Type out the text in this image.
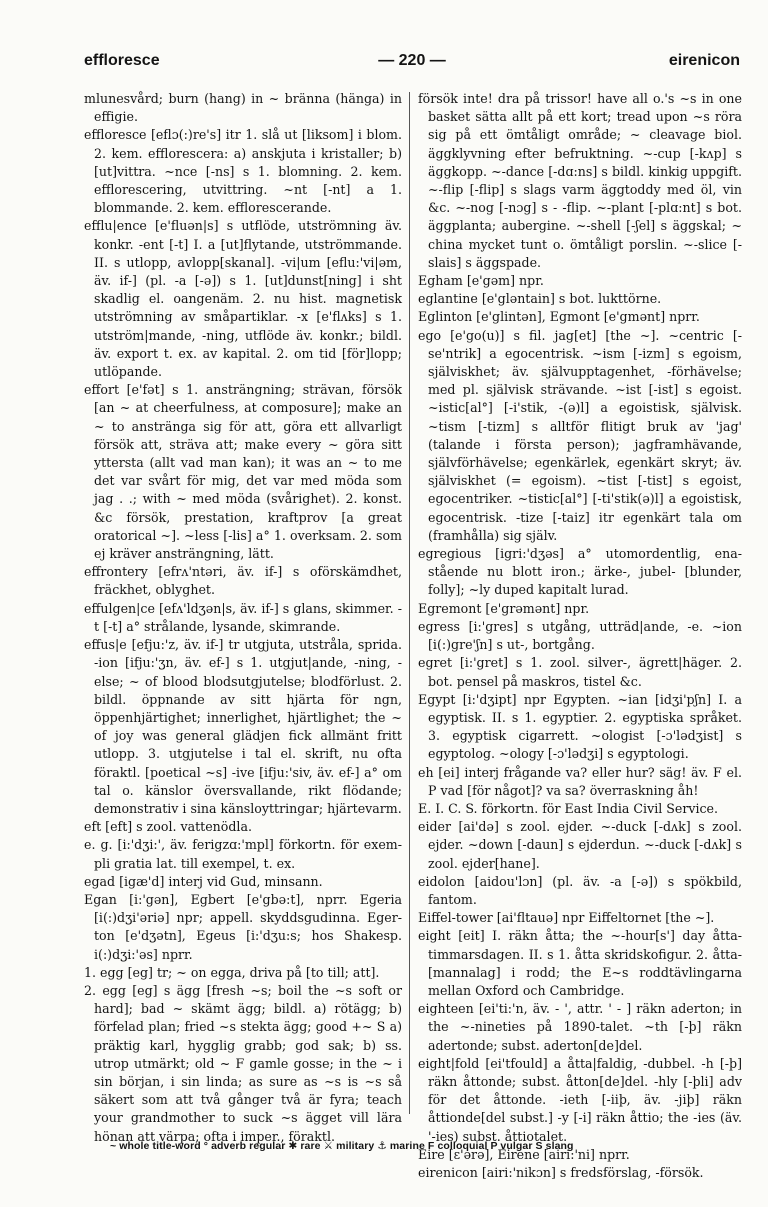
effloresce	— 220 —	eirenicon

mlunesvård; burn (hang) in ~ bränna (hänga) in effigie.

effloresce [eflɔ(:)re's] itr 1. slå ut [liksom] i blom. 2. kem. efflorescera: a) anskjuta i kristaller; b) [ut]vittra. ~nce [-ns] s 1. blomning. 2. kem. efflorescering, utvittring. ~nt [-nt] a 1. blommande. 2. kem. efflorescerande.

efflu|ence [e'fluən|s] s utflöde, utströmning äv. konkr. -ent [-t] I. a [ut]flytande, utströmmande. II. s utlopp, avlopp[skanal]. -vi|um [eflu:'vi|əm, äv. if-] (pl. -a [-ə]) s 1. [ut]dunst[ning] i sht skadlig el. oangenäm. 2. nu hist. magnetisk utströmning av småpartiklar. -x [e'flʌks] s 1. utström|mande, -ning, utflöde äv. konkr.; bildl. äv. export t. ex. av kapital. 2. om tid [för]lopp; utlöpande.

effort [e'fət] s 1. ansträngning; strävan, försök [an ~ at cheerfulness, at composure]; make an ~ to anstränga sig för att, göra ett allvarligt försök att, sträva att; make every ~ göra sitt yttersta (allt vad man kan); it was an ~ to me det var svårt för mig, det var med möda som jag . .; with ~ med möda (svårighet). 2. konst. &c försök, prestation, kraftprov [a great oratorical ~]. ~less [-lis] a° 1. overksam. 2. som ej kräver ansträngning, lätt.

effrontery [efrʌ'ntəri, äv. if-] s oförskämdhet, fräckhet, oblyghet.

effulgen|ce [efʌ'ldʒən|s, äv. if-] s glans, skimmer. -t [-t] a° strålande, lysande, skimrande.

effus|e [efju:'z, äv. if-] tr utgjuta, utstråla, sprida. -ion [ifju:'ʒn, äv. ef-] s 1. utgjut|ande, -ning, -else; ~ of blood blodsutgjutelse; blodförlust. 2. bildl. öppnande av sitt hjärta för ngn, öppenhjärtighet; innerlighet, hjärtlighet; the ~ of joy was general glädjen fick allmänt fritt utlopp. 3. utgjutelse i tal el. skrift, nu ofta föraktl. [poetical ~s] -ive [ifju:'siv, äv. ef-] a° om tal o. känslor översvallande, rikt flödande; demonstrativ i sina känsloyttringar; hjärtevarm.

eft [eft] s zool. vattenödla.

e. g. [i:'dʒi:', äv. ferigzɑ:'mpl] förkortn. för exempli gratia lat. till exempel, t. ex.

egad [igæ'd] interj vid Gud, minsann.

Egan [i:'gən], Egbert [e'gbə:t], nprr. Egeria [i(:)dʒi'əriə] npr; appell. skyddsgudinna. Egerton [e'dʒətn], Egeus [i:'dʒu:s; hos Shakesp. i(:)dʒi:'əs] nprr.

1. egg [eg] tr; ~ on egga, driva på [to till; att].

2. egg [eg] s ägg [fresh ~s; boil the ~s soft or hard]; bad ~ skämt ägg; bildl. a) rötägg; b) förfelad plan; fried ~s stekta ägg; good +~ S a) präktig karl, hygglig grabb; god sak; b) ss. utrop utmärkt; old ~ F gamle gosse; in the ~ i sin början, i sin linda; as sure as ~s is ~s så säkert som att två gånger två är fyra; teach your grandmother to suck ~s ägget vill lära hönan att värpa; ofta i imper., föraktl.

försök inte! dra på trissor! have all o.'s ~s in one basket sätta allt på ett kort; tread upon ~s röra sig på ett ömtåligt område; ~ cleavage biol. äggklyvning efter befruktning. ~-cup [-kʌp] s äggkopp. ~-dance [-dɑ:ns] s bildl. kinkig uppgift. ~-flip [-flip] s slags varm äggtoddy med öl, vin &c. ~-nog [-nɔg] s - -flip. ~-plant [-plɑ:nt] s bot. äggplanta; aubergine. ~-shell [-ʃel] s äggskal; ~ china mycket tunt o. ömtåligt porslin. ~-slice [-slais] s äggspade.

Egham [e'gəm] npr.

eglantine [e'gləntain] s bot. lukttörne.

Eglinton [e'glintən], Egmont [e'gmənt] nprr.

ego [e'go(u)] s fil. jag[et] [the ~]. ~centric [-se'ntrik] a egocentrisk. ~ism [-izm] s egoism, själviskhet; äv. självupptagenhet, -förhävelse; med pl. självisk strävande. ~ist [-ist] s egoist. ~istic[al°] [-i'stik, -(ə)l] a egoistisk, självisk. ~tism [-tizm] s alltför flitigt bruk av 'jag' (talande i första person); jagframhävande, självförhävelse; egenkärlek, egenkärt skryt; äv. själviskhet (= egoism). ~tist [-tist] s egoist, egocentriker. ~tistic[al°] [-ti'stik(ə)l] a egoistisk, egocentrisk. -tize [-taiz] itr egenkärt tala om (framhålla) sig själv.

egregious [igri:'dʒəs] a° utomordentlig, enastående nu blott iron.; ärke-, jubel- [blunder, folly]; ~ly duped kapitalt lurad.

Egremont [e'grəmənt] npr.

egress [i:'gres] s utgång, utträd|ande, -e. ~ion [i(:)gre'ʃn] s ut-, bortgång.

egret [i:'gret] s 1. zool. silver-, ägrett|häger. 2. bot. pensel på maskros, tistel &c.

Egypt [i:'dʒipt] npr Egypten. ~ian [idʒi'pʃn] I. a egyptisk. II. s 1. egyptier. 2. egyptiska språket. 3. egyptisk cigarrett. ~ologist [-ɔ'lədʒist] s egyptolog. ~ology [-ɔ'lədʒi] s egyptologi.

eh [ei] interj frågande va? eller hur? säg! äv. F el. P vad [för något]? va sa? överraskning åh!

E. I. C. S. förkortn. för East India Civil Service.

eider [ai'də] s zool. ejder. ~-duck [-dʌk] s zool. ejder. ~down [-daun] s ejderdun. ~-duck [-dʌk] s zool. ejder[hane].

eidolon [aidou'lɔn] (pl. äv. -a [-ə]) s spökbild, fantom.

Eiffel-tower [ai'fltauə] npr Eiffeltornet [the ~].

eight [eit] I. räkn åtta; the ~-hour[s'] day åttatimmarsdagen. II. s 1. åtta skridskofigur. 2. åtta[mannalag] i rodd; the E~s roddtävlingarna mellan Oxford och Cambridge.

eighteen [ei'ti:'n, äv. - ', attr. ' - ] räkn aderton; in the ~-nineties på 1890-talet. ~th [-þ] räkn adertonde; subst. aderton[de]del.

eight|fold [ei'tfould] a åtta|faldig, -dubbel. -h [-þ] räkn åttonde; subst. åtton[de]del. -hly [-þli] adv för det åttonde. -ieth [-iiþ, äv. -jiþ] räkn åttionde[del subst.] -y [-i] räkn åttio; the -ies (äv. '-ies) subst. åttiotalet.

Eire [ɛ'ərə], Eirene [airi:'ni] nprr.

eirenicon [airi:'nikɔn] s fredsförslag, -försök.

~ whole title-word ° adverb regular ✱ rare ⚔ military ⚓ marine F colloquial P vulgar S slang
